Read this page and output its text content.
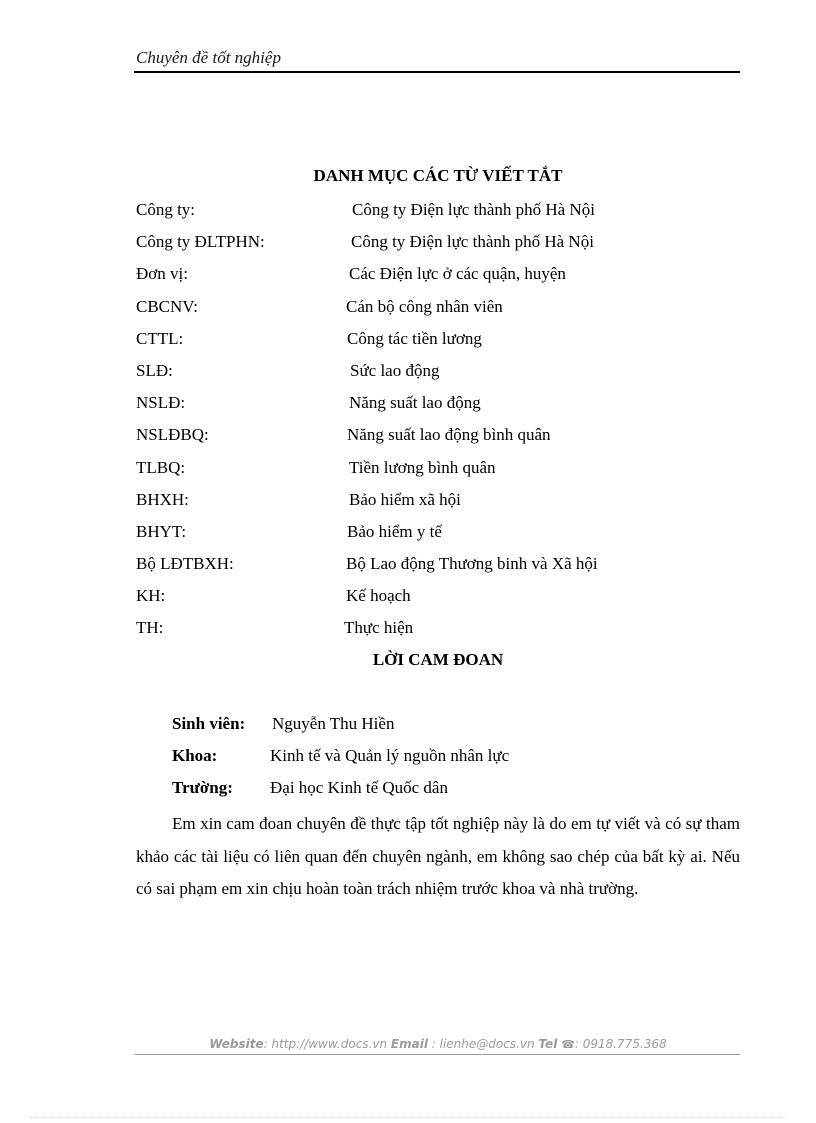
Chuyên đề tốt nghiệp
DANH MỤC CÁC TỪ VIẾT TẮT
Công ty:	Công ty Điện lực thành phố Hà Nội
Công ty ĐLTPHN:	Công ty Điện lực thành phố Hà Nội
Đơn vị:	Các Điện lực ở các quận, huyện
CBCNV:	Cán bộ công nhân viên
CTTL:	Công tác tiền lương
SLĐ:	Sức lao động
NSLĐ:	Năng suất lao động
NSLĐBQ:	Năng suất lao động bình quân
TLBQ:	Tiền lương bình quân
BHXH:	Bảo hiểm xã hội
BHYT:	Bảo hiểm y tế
Bộ LĐTBXH:	Bộ Lao động Thương binh và Xã hội
KH:	Kế hoạch
TH:	Thực hiện
LỜI CAM ĐOAN
Sinh viên: Nguyễn Thu Hiền
Khoa:	Kinh tế và Quản lý nguồn nhân lực
Trường: Đại học Kinh tế Quốc dân

Em xin cam đoan chuyên đề thực tập tốt nghiệp này là do em tự viết và có sự tham khảo các tài liệu có liên quan đến chuyên ngành, em không sao chép của bất kỳ ai. Nếu có sai phạm em xin chịu hoàn toàn trách nhiệm trước khoa và nhà trường.

Website: http://www.docs.vn Email : lienhe@docs.vn Tel ☎: 0918.775.368
